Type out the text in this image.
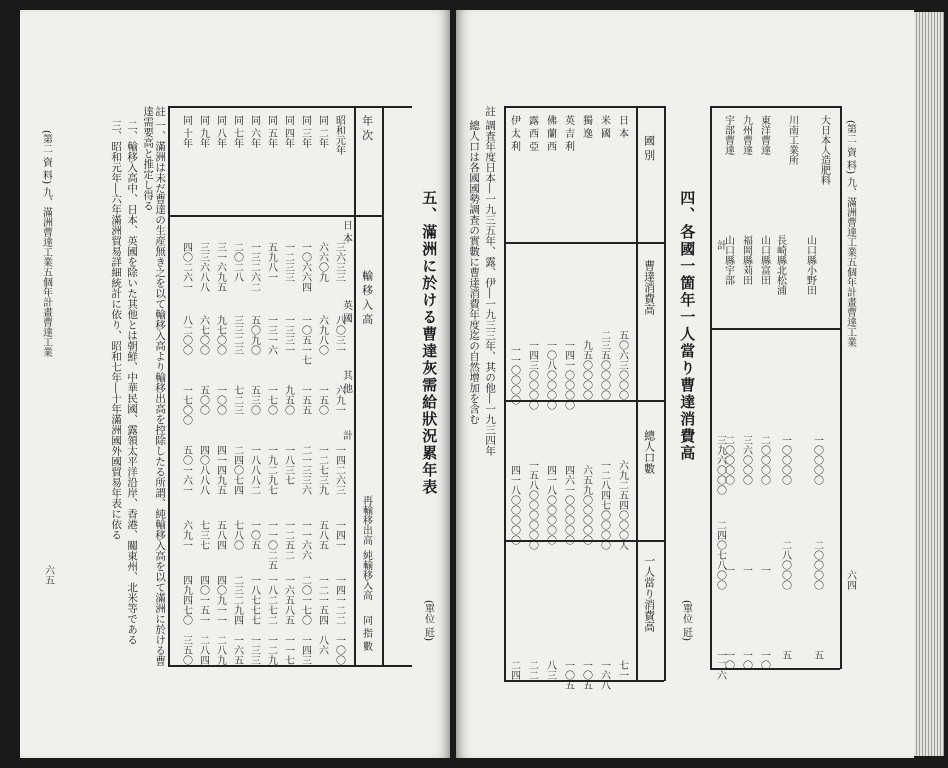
(第二 資 料) 九、滿洲曹達工業五個年計畫曹達工業
六五	註 一、滿洲は未だ曹達の生産無き之を以て輸移入高より輸移出高を控除したる所謂、純輸移入高を以て滿洲に於ける曹達需要高と推定し得る
二、輸移入高中、日本、英國を除いた其他とは朝鮮、中華民國、露領太平洋沿岸、香港、關東州、北米等である
三、昭和元年―六年滿洲貿易詳細統計に依り、昭和七年―十年滿洲國外國貿易年表に依る	年 次
輸 移 入 高
日 本
英 國
其 他
計
再輸移出高
純輸移入高
同 指 數
昭和元年
三六三三
八〇三一
六九一
一四二六三
一四一
一四一二二
一〇〇
同 二年
六六〇九
六九八〇
一五〇
一二七三九
五八五
一二一五四
八六
同 三年
一〇六六四
一〇五一七
一五五
二一三三六
一一六六
二〇一七〇
一四三
同 四年
一二三三
一三三一
九五〇
一八三七
一二五二
一六五八五
一一七
同 五年
五九八一
一三一六
一七〇
一九二九七
一一〇二五
一八二七二
一二九
同 六年
一三二六二
五〇九〇
五三〇
一八八八二
一〇五
一八七七七
一三三
同 七年
二〇二八
三三二三
七二三
二四〇七四
七八〇
二三二九四
一六五
同 八年
三一六九五
九七〇〇
一〇〇
四一四九五
五八四
四〇九一一
二八九
同 九年
三三六八八
六七〇〇
五〇〇
四〇八八八
七三七
四〇一五一
二八四
同 十年
四〇二六一
八二〇〇
一七〇〇
五〇一六一
六九一
四九四七〇
三五〇
五、滿洲に於ける曹達灰需給狀況累年表
(單位 瓩)
(第二 資 料) 九、滿洲曹達工業五個年計畫曹達工業
六四
大日本人造肥料
山口縣小野田
一〇〇〇〇
二〇〇〇〇
五
川南工業所
長崎縣北松浦
一〇〇〇〇
二八〇〇〇
五
東洋曹達
山口縣富田
二〇〇〇〇
一
一〇
九州曹達
福岡縣苅田
三六〇〇〇
一
一〇
宇部曹達
山口縣宇部
二〇〇〇〇
一
一〇
計
三九六〇〇〇
二四〇七八〇〇
一二六
四、各國一箇年一人當り曹達消費高
(單位 瓩)
國 別
曹達消費高
總人口數
一人當り消費高
日 本
五〇六三〇〇〇
六九二五四〇〇〇人
七一
米 國
二三五〇〇〇〇
一二八四七〇〇〇〇
一六八
獨 逸
九五〇〇〇〇
六五九〇〇〇〇〇
一〇五
英 吉 利
一四一〇〇〇〇
四六一〇〇〇〇〇
一〇五
佛 蘭 西
一〇八〇〇〇〇
四一八〇〇〇〇〇
八三
露 西 亞
一四三〇〇〇〇
一五八〇〇〇〇〇〇
二二
伊 太 利
一一〇〇〇〇
四一八〇〇〇〇〇
二四
註 調査年度日本―一九三五年、露、伊―一九三三年、其の他―一九三四年
總人口は各國國勢調査の實數に曹達消費年度迄の自然增加を含む
